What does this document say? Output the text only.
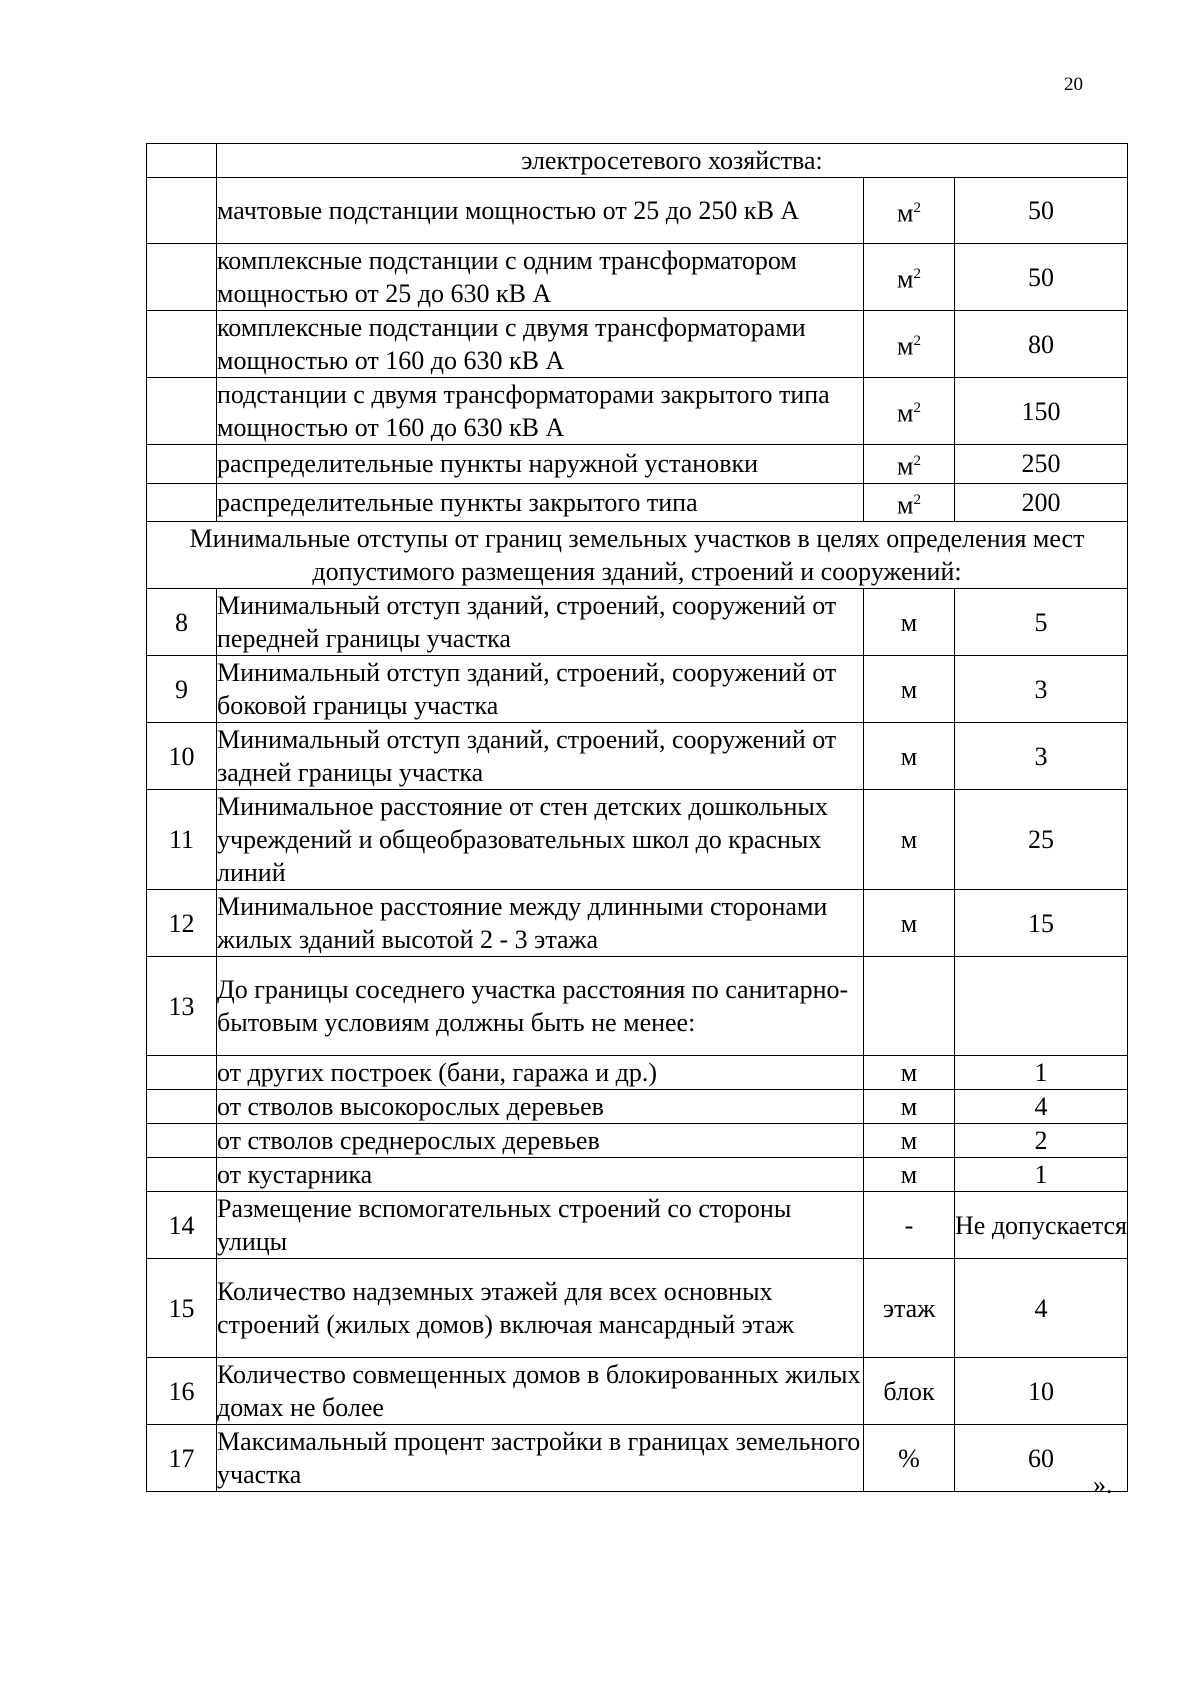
20
	электросетевого хозяйства:		
	мачтовые подстанции мощностью от 25 до 250 кВ А	$м^2$	50
	комплексные подстанции с одним трансформатором мощностью от 25 до 630 кВ А	$м^2$	50
	комплексные подстанции с двумя трансформаторами мощностью от 160 до 630 кВ А	$м^2$	80
	подстанции с двумя трансформаторами закрытого типа мощностью от 160 до 630 кВ А	$м^2$	150
	распределительные пункты наружной установки	$м^2$	250
	распределительные пункты закрытого типа	$м^2$	200
Минимальные отступы от границ земельных участков в целях определения мест допустимого размещения зданий, строений и сооружений:			
8	Минимальный отступ зданий, строений, сооружений от передней границы участка	м	5
9	Минимальный отступ зданий, строений, сооружений от боковой границы участка	м	3
10	Минимальный отступ зданий, строений, сооружений от задней границы участка	м	3
11	Минимальное расстояние от стен детских дошкольных учреждений и общеобразовательных школ до красных линий	м	25
12	Минимальное расстояние между длинными сторонами жилых зданий высотой 2 - 3 этажа	м	15
13	До границы соседнего участка расстояния по санитарно-бытовым условиям должны быть не менее:		
	от других построек (бани, гаража и др.)	м	1
	от стволов высокорослых деревьев	м	4
	от стволов среднерослых деревьев	м	2
	от кустарника	м	1
14	Размещение вспомогательных строений со стороны улицы	-	Не допускается
15	Количество надземных этажей для всех основных строений (жилых домов) включая мансардный этаж	этаж	4
16	Количество совмещенных домов в блокированных жилых домах не более	блок	10
17	Максимальный процент застройки в границах земельного участка	%	60
».
